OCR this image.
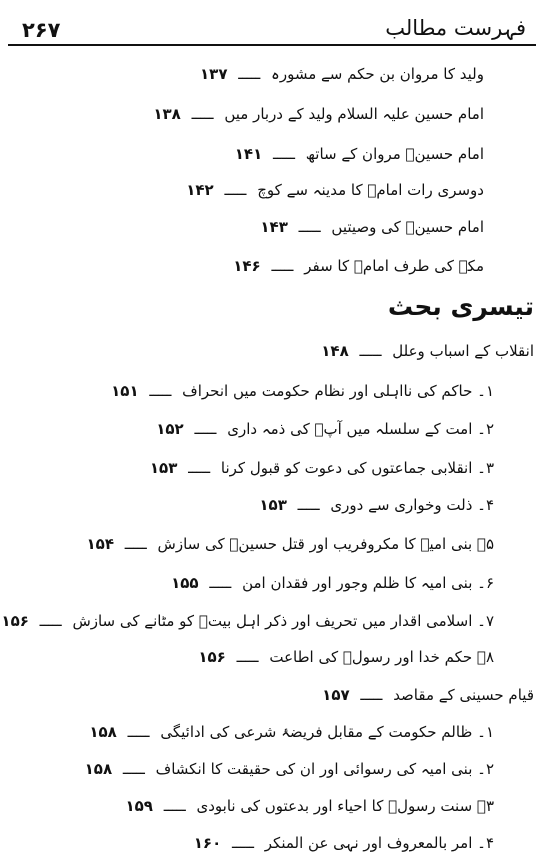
۲۶۷	فہرست مطالب
ولید کا مروان بن حکم سے مشورہ ـــــ ۱۳۷
امام حسین علیہ السلام ولید کے دربار میں ـــــ ۱۳۸
امام حسینؑ مروان کے ساتھ ـــــ ۱۴۱
دوسری رات امامؑ کا مدینہ سے کوچ ـــــ ۱۴۲
امام حسینؑ کی وصیتیں ـــــ ۱۴۳
مکہ کی طرف امامؑ کا سفر ـــــ ۱۴۶
تیسری بحث
انقلاب کے اسباب وعلل ـــــ ۱۴۸
۱۔ حاکم کی نااہلی اور نظام حکومت میں انحراف ـــــ ۱۵۱
۲۔ امت کے سلسلہ میں آپؑ کی ذمہ داری ـــــ ۱۵۲
۳۔ انقلابی جماعتوں کی دعوت کو قبول کرنا ـــــ ۱۵۳
۴۔ ذلت وخواری سے دوری ـــــ ۱۵۳
۵۔ بنی امیہ کا مکروفریب اور قتل حسینؑ کی سازش ـــــ ۱۵۴
۶۔ بنی امیہ کا ظلم وجور اور فقدان امن ـــــ ۱۵۵
۷۔ اسلامی اقدار میں تحریف اور ذکر اہل بیتؑ کو مٹانے کی سازش ـــــ ۱۵۶
۸۔ حکم خدا اور رسولؐ کی اطاعت ـــــ ۱۵۶
قیام حسینی کے مقاصد ـــــ ۱۵۷
۱۔ ظالم حکومت کے مقابل فریضۂ شرعی کی ادائیگی ـــــ ۱۵۸
۲۔ بنی امیہ کی رسوائی اور ان کی حقیقت کا انکشاف ـــــ ۱۵۸
۳۔ سنت رسولؐ کا احیاء اور بدعتوں کی نابودی ـــــ ۱۵۹
۴۔ امر بالمعروف اور نہی عن المنکر ـــــ ۱۶۰
